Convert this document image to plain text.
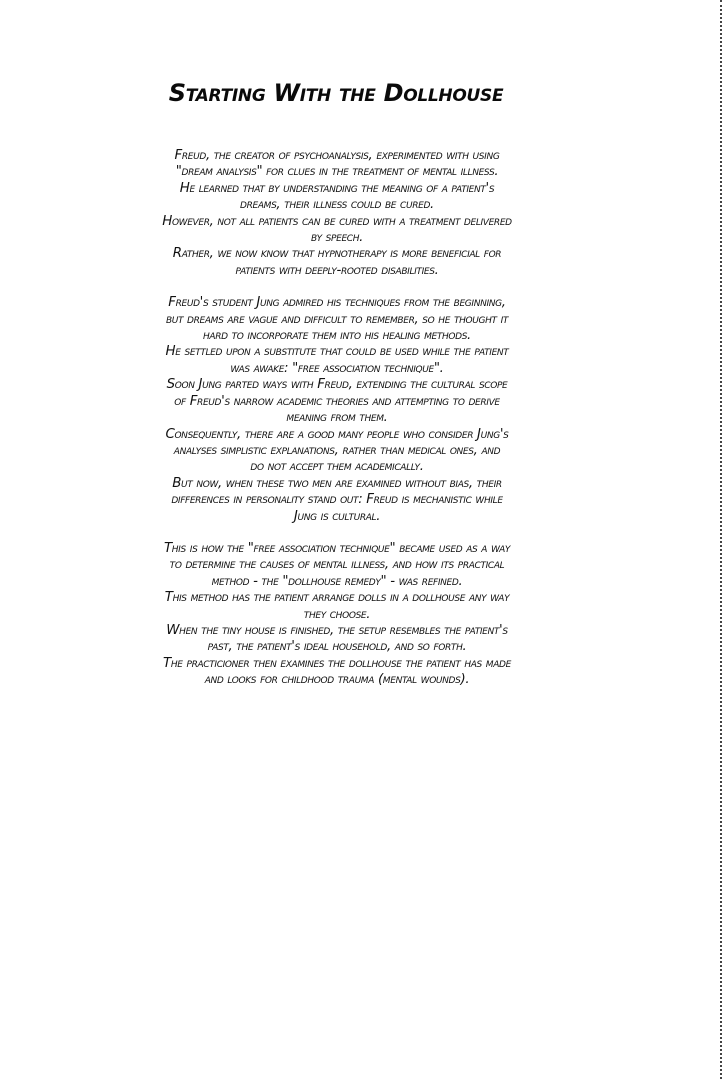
Starting With the Dollhouse

Freud, the creator of psychoanalysis, experimented with using
"dream analysis" for clues in the treatment of mental illness.
He learned that by understanding the meaning of a patient's
dreams, their illness could be cured.
However, not all patients can be cured with a treatment delivered
by speech.
Rather, we now know that hypnotherapy is more beneficial for
patients with deeply-rooted disabilities.

Freud's student Jung admired his techniques from the beginning,
but dreams are vague and difficult to remember, so he thought it
hard to incorporate them into his healing methods.
He settled upon a substitute that could be used while the patient
was awake: "free association technique".
Soon Jung parted ways with Freud, extending the cultural scope
of Freud's narrow academic theories and attempting to derive
meaning from them.
Consequently, there are a good many people who consider Jung's
analyses simplistic explanations, rather than medical ones, and
do not accept them academically.
But now, when these two men are examined without bias, their
differences in personality stand out: Freud is mechanistic while
Jung is cultural.

This is how the "free association technique" became used as a way
to determine the causes of mental illness, and how its practical
method - the "dollhouse remedy" - was refined.
This method has the patient arrange dolls in a dollhouse any way
they choose.
When the tiny house is finished, the setup resembles the patient's
past, the patient's ideal household, and so forth.
The practicioner then examines the dollhouse the patient has made
and looks for childhood trauma (mental wounds).
